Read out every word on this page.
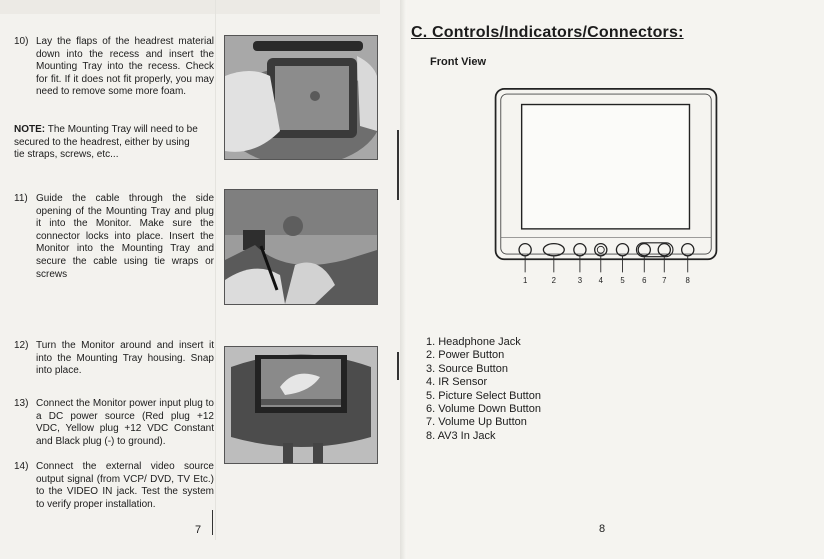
10) Lay the flaps of the headrest material down into the recess and insert the Mounting Tray into the recess. Check for fit. If it does not fit properly, you may need to remove some more foam.
NOTE: The Mounting Tray will need to be secured to the headrest, either by using tie straps, screws, etc...
11) Guide the cable through the side opening of the Mounting Tray and plug it into the Monitor. Make sure the connector locks into place. Insert the Monitor into the Mounting Tray and secure the cable using tie wraps or screws
12) Turn the Monitor around and insert it into the Mounting Tray housing. Snap into place.
13) Connect the Monitor power input plug to a DC power source (Red plug +12 VDC, Yellow plug +12 VDC Constant and Black plug (-) to ground).
14) Connect the external video source output signal (from VCP/ DVD, TV Etc.) to the VIDEO IN jack. Test the system to verify proper installation.
7
C. Controls/Indicators/Connectors:
Front View
1	2 3 4 5 6 7 8
1. Headphone Jack
2. Power Button
3. Source Button
4. IR Sensor
5. Picture Select Button
6. Volume Down Button
7. Volume Up Button
8. AV3 In Jack
8
